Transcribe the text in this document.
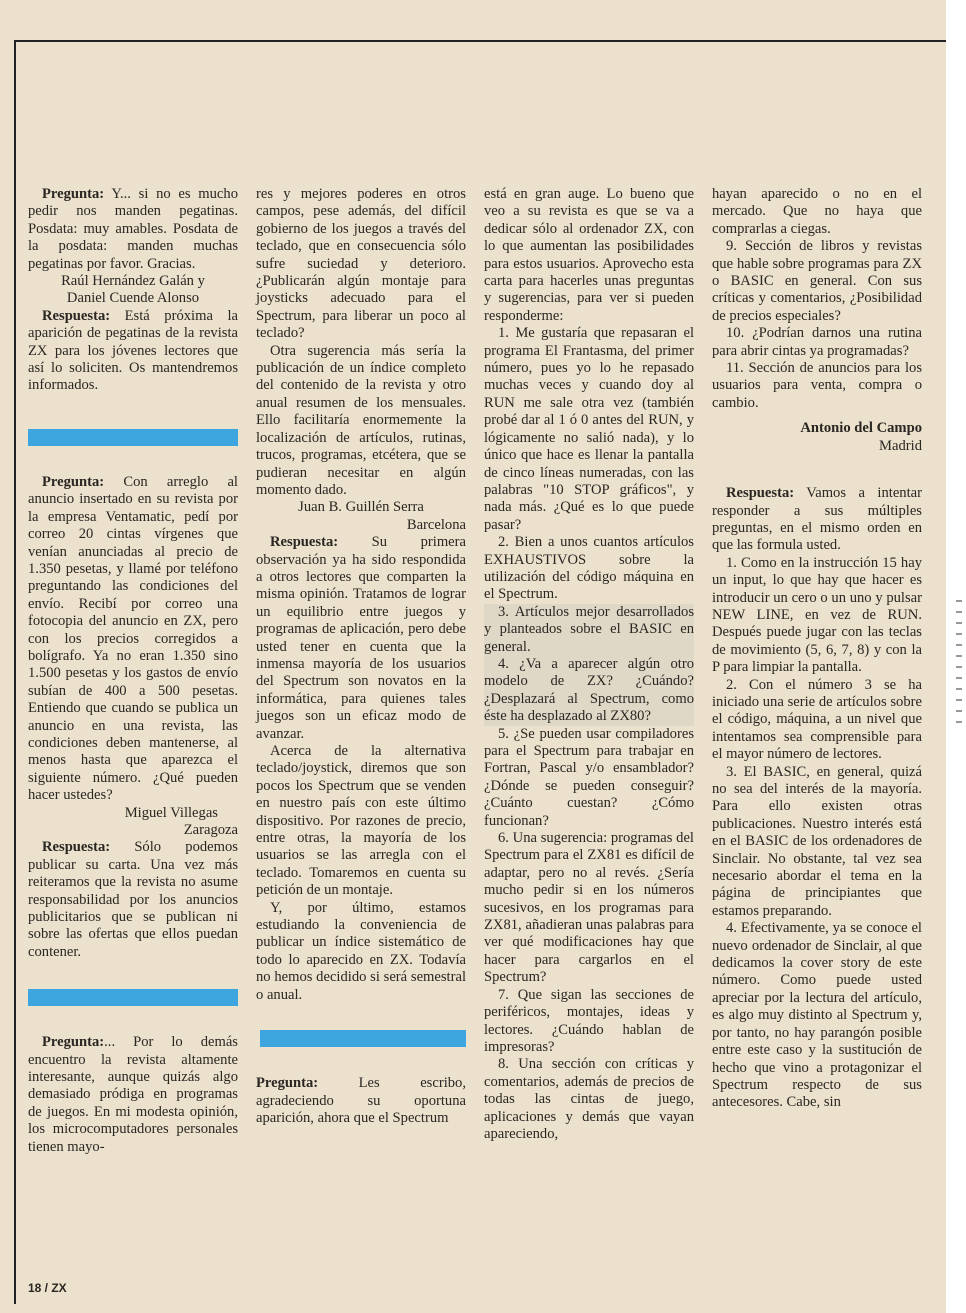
Pregunta: Y... si no es mucho pedir nos manden pegatinas. Posdata: muy amables. Posdata de la posdata: manden muchas pegatinas por favor. Gracias.

Raúl Hernández Galán y

Daniel Cuende Alonso

Respuesta: Está próxima la aparición de pegatinas de la revista ZX para los jóvenes lectores que así lo soliciten. Os mantendremos informados.

Pregunta: Con arreglo al anuncio insertado en su revista por la empresa Ventamatic, pedí por correo 20 cintas vírgenes que venían anunciadas al precio de 1.350 pesetas, y llamé por teléfono preguntando las condiciones del envío. Recibí por correo una fotocopia del anuncio en ZX, pero con los precios corregidos a bolígrafo. Ya no eran 1.350 sino 1.500 pesetas y los gastos de envío subían de 400 a 500 pesetas. Entiendo que cuando se publica un anuncio en una revista, las condiciones deben mantenerse, al menos hasta que aparezca el siguiente número. ¿Qué pueden hacer ustedes?

Miguel Villegas

Zaragoza

Respuesta: Sólo podemos publicar su carta. Una vez más reiteramos que la revista no asume responsabilidad por los anuncios publicitarios que se publican ni sobre las ofertas que ellos puedan contener.

Pregunta:... Por lo demás encuentro la revista altamente interesante, aunque quizás algo demasiado pródiga en programas de juegos. En mi modesta opinión, los microcomputadores personales tienen mayo-

res y mejores poderes en otros campos, pese además, del difícil gobierno de los juegos a través del teclado, que en consecuencia sólo sufre suciedad y deterioro. ¿Publicarán algún montaje para joysticks adecuado para el Spectrum, para liberar un poco al teclado?

Otra sugerencia más sería la publicación de un índice completo del contenido de la revista y otro anual resumen de los mensuales. Ello facilitaría enormemente la localización de artículos, rutinas, trucos, programas, etcétera, que se pudieran necesitar en algún momento dado.

Juan B. Guillén Serra

Barcelona

Respuesta: Su primera observación ya ha sido respondida a otros lectores que comparten la misma opinión. Tratamos de lograr un equilibrio entre juegos y programas de aplicación, pero debe usted tener en cuenta que la inmensa mayoría de los usuarios del Spectrum son novatos en la informática, para quienes tales juegos son un eficaz modo de avanzar.

Acerca de la alternativa teclado/joystick, diremos que son pocos los Spectrum que se venden en nuestro país con este último dispositivo. Por razones de precio, entre otras, la mayoría de los usuarios se las arregla con el teclado. Tomaremos en cuenta su petición de un montaje.

Y, por último, estamos estudiando la conveniencia de publicar un índice sistemático de todo lo aparecido en ZX. Todavía no hemos decidido si será semestral o anual.

Pregunta: Les escribo, agradeciendo su oportuna aparición, ahora que el Spectrum

está en gran auge. Lo bueno que veo a su revista es que se va a dedicar sólo al ordenador ZX, con lo que aumentan las posibilidades para estos usuarios. Aprovecho esta carta para hacerles unas preguntas y sugerencias, para ver si pueden responderme:

1. Me gustaría que repasaran el programa El Frantasma, del primer número, pues yo lo he repasado muchas veces y cuando doy al RUN me sale otra vez (también probé dar al 1 ó 0 antes del RUN, y lógicamente no salió nada), y lo único que hace es llenar la pantalla de cinco líneas numeradas, con las palabras "10 STOP gráficos", y nada más. ¿Qué es lo que puede pasar?

2. Bien a unos cuantos artículos EXHAUSTIVOS sobre la utilización del código máquina en el Spectrum.

3. Artículos mejor desarrollados y planteados sobre el BASIC en general.

4. ¿Va a aparecer algún otro modelo de ZX? ¿Cuándo? ¿Desplazará al Spectrum, como éste ha desplazado al ZX80?

5. ¿Se pueden usar compiladores para el Spectrum para trabajar en Fortran, Pascal y/o ensamblador? ¿Dónde se pueden conseguir? ¿Cuánto cuestan? ¿Cómo funcionan?

6. Una sugerencia: programas del Spectrum para el ZX81 es difícil de adaptar, pero no al revés. ¿Sería mucho pedir si en los números sucesivos, en los programas para ZX81, añadieran unas palabras para ver qué modificaciones hay que hacer para cargarlos en el Spectrum?

7. Que sigan las secciones de periféricos, montajes, ideas y lectores. ¿Cuándo hablan de impresoras?

8. Una sección con críticas y comentarios, además de precios de todas las cintas de juego, aplicaciones y demás que vayan apareciendo,

hayan aparecido o no en el mercado. Que no haya que comprarlas a ciegas.

9. Sección de libros y revistas que hable sobre programas para ZX o BASIC en general. Con sus críticas y comentarios, ¿Posibilidad de precios especiales?

10. ¿Podrían darnos una rutina para abrir cintas ya programadas?

11. Sección de anuncios para los usuarios para venta, compra o cambio.

Antonio del Campo

Madrid

Respuesta: Vamos a intentar responder a sus múltiples preguntas, en el mismo orden en que las formula usted.

1. Como en la instrucción 15 hay un input, lo que hay que hacer es introducir un cero o un uno y pulsar NEW LINE, en vez de RUN. Después puede jugar con las teclas de movimiento (5, 6, 7, 8) y con la P para limpiar la pantalla.

2. Con el número 3 se ha iniciado una serie de artículos sobre el código, máquina, a un nivel que intentamos sea comprensible para el mayor número de lectores.

3. El BASIC, en general, quizá no sea del interés de la mayoría. Para ello existen otras publicaciones. Nuestro interés está en el BASIC de los ordenadores de Sinclair. No obstante, tal vez sea necesario abordar el tema en la página de principiantes que estamos preparando.

4. Efectivamente, ya se conoce el nuevo ordenador de Sinclair, al que dedicamos la cover story de este número. Como puede usted apreciar por la lectura del artículo, es algo muy distinto al Spectrum y, por tanto, no hay parangón posible entre este caso y la sustitución de hecho que vino a protagonizar el Spectrum respecto de sus antecesores. Cabe, sin

18 / ZX
